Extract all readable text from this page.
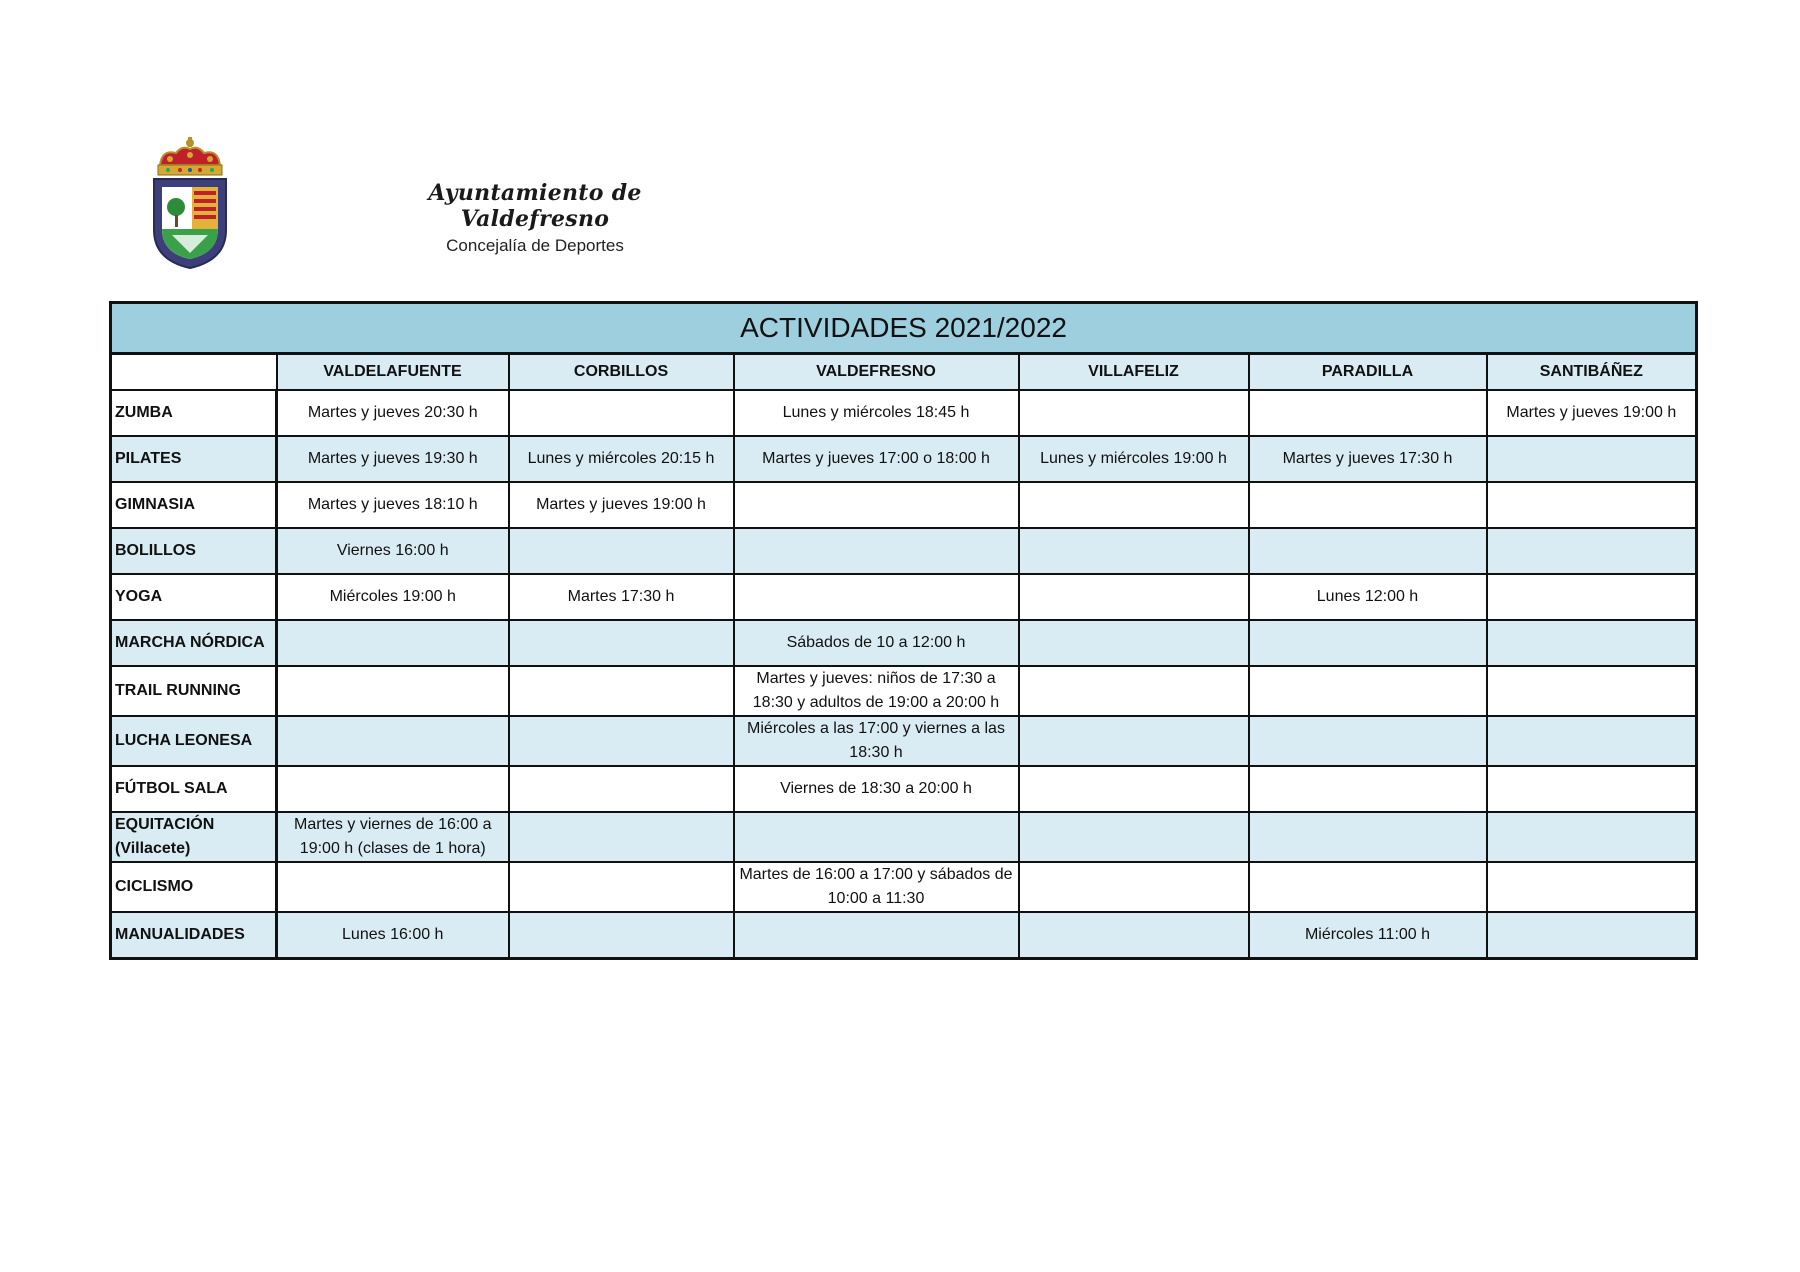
Ayuntamiento de Valdefresno
Concejalía de Deportes
ACTIVIDADES 2021/2022						
	VALDELAFUENTE	CORBILLOS	VALDEFRESNO	VILLAFELIZ	PARADILLA	SANTIBÁÑEZ
ZUMBA	Martes y jueves 20:30 h		Lunes y miércoles 18:45 h			Martes y jueves 19:00 h
PILATES	Martes y jueves 19:30 h	Lunes y miércoles 20:15 h	Martes y jueves 17:00 o 18:00 h	Lunes y miércoles 19:00 h	Martes y jueves 17:30 h	
GIMNASIA	Martes y jueves 18:10 h	Martes y jueves 19:00 h				
BOLILLOS	Viernes 16:00 h					
YOGA	Miércoles 19:00 h	Martes 17:30 h			Lunes 12:00 h	
MARCHA NÓRDICA			Sábados de 10 a 12:00 h			
TRAIL RUNNING			Martes y jueves: niños de 17:30 a 18:30 y adultos de 19:00 a 20:00 h			
LUCHA LEONESA			Miércoles a las 17:00 y viernes a las 18:30 h			
FÚTBOL SALA			Viernes de 18:30 a 20:00 h			
EQUITACIÓN (Villacete)	Martes y viernes de 16:00 a 19:00 h (clases de 1 hora)					
CICLISMO			Martes de 16:00 a 17:00 y sábados de 10:00 a 11:30			
MANUALIDADES	Lunes 16:00 h				Miércoles 11:00 h	
